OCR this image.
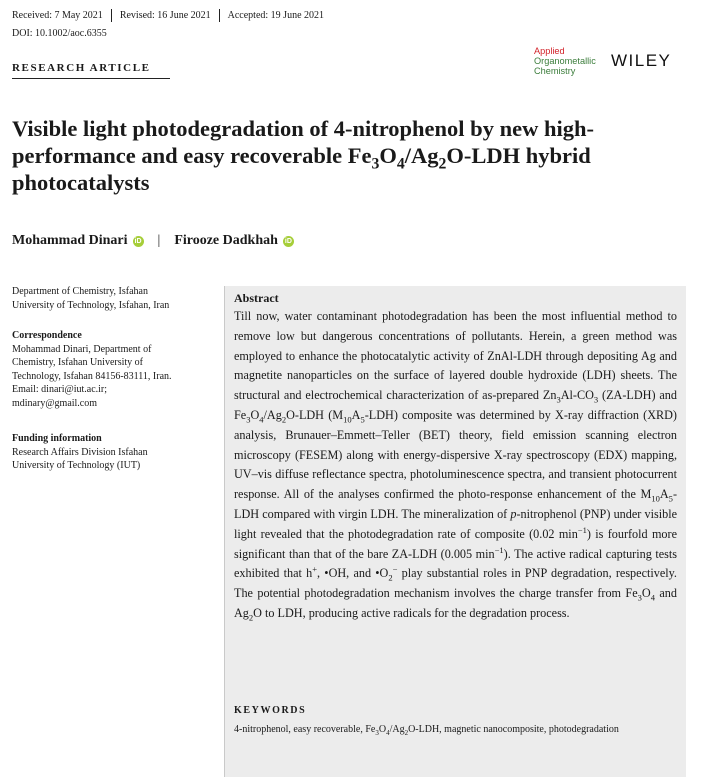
Received: 7 May 2021 Revised: 16 June 2021 Accepted: 19 June 2021
DOI: 10.1002/aoc.6355
RESEARCH ARTICLE
Applied
Organometallic
Chemistry
WILEY
Visible light photodegradation of 4-nitrophenol by new high-performance and easy recoverable $Fe_3O_4/Ag_2O$-LDH hybrid photocatalysts
Mohammad Dinari iD | Firooze Dadkhah iD
Department of Chemistry, Isfahan
University of Technology, Isfahan, Iran
Correspondence
Mohammad Dinari, Department of
Chemistry, Isfahan University of
Technology, Isfahan 84156-83111, Iran.
Email: dinari@iut.ac.ir;
mdinary@gmail.com
Funding information
Research Affairs Division Isfahan
University of Technology (IUT)
Abstract

Till now, water contaminant photodegradation has been the most influential method to remove low but dangerous concentrations of pollutants. Herein, a green method was employed to enhance the photocatalytic activity of ZnAl-LDH through depositing Ag and magnetite nanoparticles on the surface of layered double hydroxide (LDH) sheets. The structural and electrochemical characterization of as-prepared $Zn_3Al-CO_3$ (ZA-LDH) and $Fe_3O_4/Ag_2O$-LDH $(M_{10}A_5-LDH)$ composite was determined by X-ray diffraction (XRD) analysis, Brunauer–Emmett–Teller (BET) theory, field emission scanning electron microscopy (FESEM) along with energy-dispersive X-ray spectroscopy (EDX) mapping, UV–vis diffuse reflectance spectra, photoluminescence spectra, and transient photocurrent response. All of the analyses confirmed the photo-response enhancement of the $M_{10}A_5$-LDH compared with virgin LDH. The mineralization of p-nitrophenol (PNP) under visible light revealed that the photodegradation rate of composite (0.02 $\min^{-1}$) is fourfold more significant than that of the bare ZA-LDH (0.005 $\min^{-1}$). The active radical capturing tests exhibited that h+, •OH, and $•O_2^-$ play substantial roles in PNP degradation, respectively. The potential photodegradation mechanism involves the charge transfer from $Fe_3O_4$ and $Ag_2O$ to LDH, producing active radicals for the degradation process.

KEYWORDS

4-nitrophenol, easy recoverable, $Fe_3O_4/Ag_2O$-LDH, magnetic nanocomposite, photodegradation
